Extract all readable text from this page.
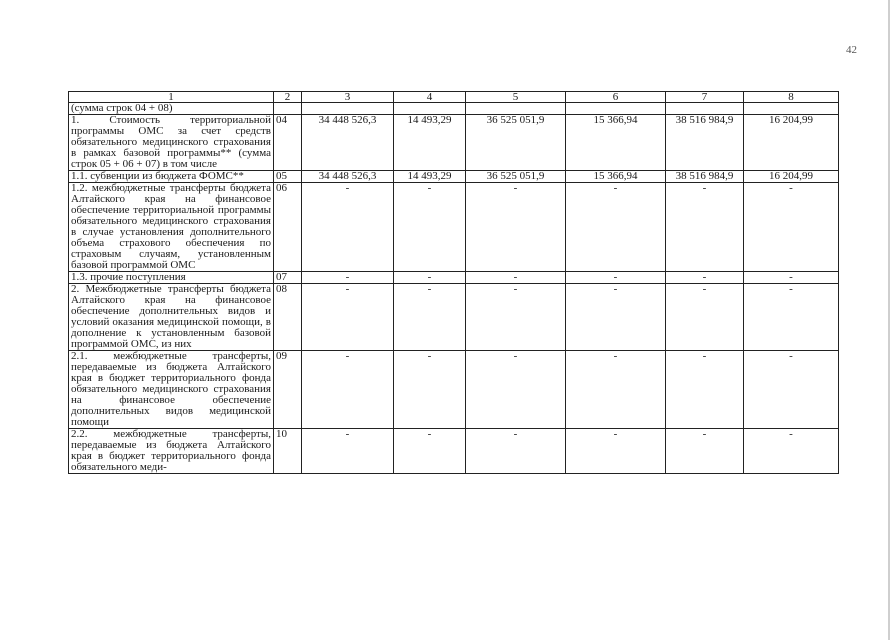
42
1	2	3	4	5	6	7	8
(сумма строк 04 + 08)							
1. Стоимость территориальной программы ОМС за счет средств обязательного медицинского страхования в рамках базовой программы** (сумма строк 05 + 06 + 07) в том числе	04	34 448 526,3	14 493,29	36 525 051,9	15 366,94	38 516 984,9	16 204,99
1.1. субвенции из бюджета ФОМС**	05	34 448 526,3	14 493,29	36 525 051,9	15 366,94	38 516 984,9	16 204,99
1.2. межбюджетные трансферты бюджета Алтайского края на финансовое обеспечение территориальной программы обязательного медицинского страхования в случае установления дополнительного объема страхового обеспечения по страховым случаям, установленным базовой программой ОМС	06	-	-	-	-	-	-
1.3. прочие поступления	07	-	-	-	-	-	-
2. Межбюджетные трансферты бюджета Алтайского края на финансовое обеспечение дополнительных видов и условий оказания медицинской помощи, в дополнение к установленным базовой программой ОМС, из них	08	-	-	-	-	-	-
2.1. межбюджетные трансферты, передаваемые из бюджета Алтайского края в бюджет территориального фонда обязательного медицинского страхования на финансовое обеспечение дополнительных видов медицинской помощи	09	-	-	-	-	-	-
2.2. межбюджетные трансферты, передаваемые из бюджета Алтайского края в бюджет территориального фонда обязательного меди-	10	-	-	-	-	-	-
